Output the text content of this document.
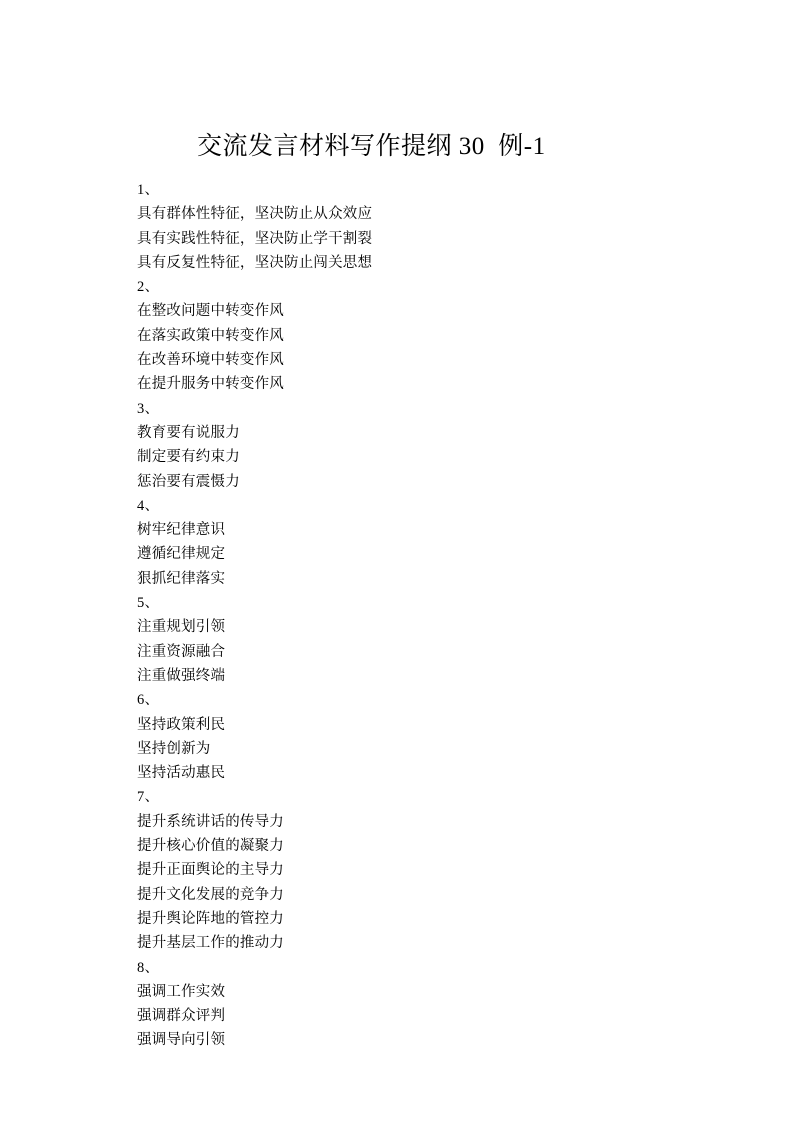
交流发言材料写作提纲 30  例-1
1、
具有群体性特征，坚决防止从众效应
具有实践性特征，坚决防止学干割裂
具有反复性特征，坚决防止闯关思想
2、
在整改问题中转变作风
在落实政策中转变作风
在改善环境中转变作风
在提升服务中转变作风
3、
教育要有说服力
制定要有约束力
惩治要有震慑力
4、
树牢纪律意识
遵循纪律规定
狠抓纪律落实
5、
注重规划引领
注重资源融合
注重做强终端
6、
坚持政策利民
坚持创新为
坚持活动惠民
7、
提升系统讲话的传导力
提升核心价值的凝聚力
提升正面舆论的主导力
提升文化发展的竞争力
提升舆论阵地的管控力
提升基层工作的推动力
8、
强调工作实效
强调群众评判
强调导向引领
